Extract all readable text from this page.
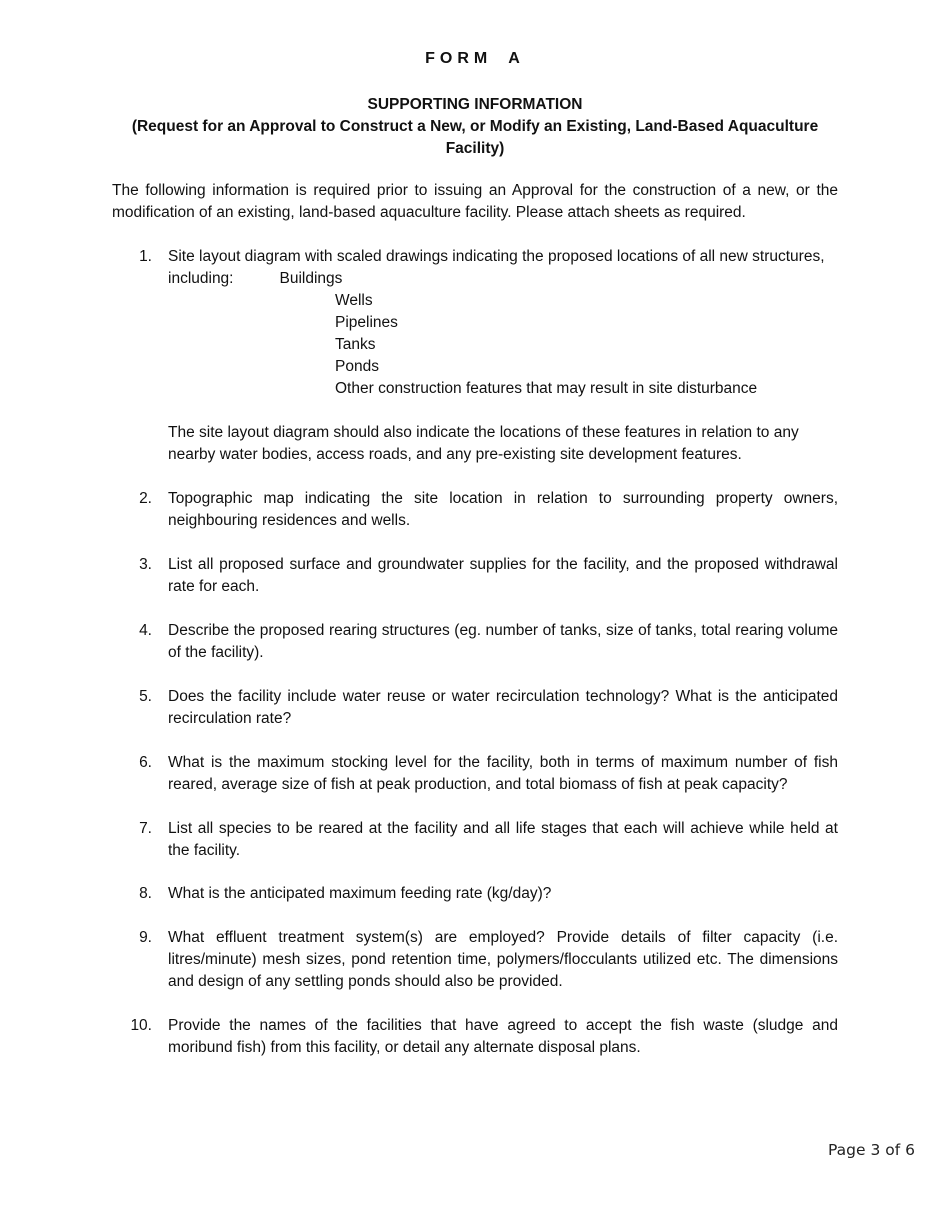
FORM A
SUPPORTING INFORMATION
(Request for an Approval to Construct a New, or Modify an Existing, Land-Based Aquaculture Facility)
The following information is required prior to issuing an Approval for the construction of a new, or the modification of an existing, land-based aquaculture facility. Please attach sheets as required.
1. Site layout diagram with scaled drawings indicating the proposed locations of all new structures,
including:	Buildings
Wells
Pipelines
Tanks
Ponds
Other construction features that may result in site disturbance
The site layout diagram should also indicate the locations of these features in relation to any nearby water bodies, access roads, and any pre-existing site development features.
2. Topographic map indicating the site location in relation to surrounding property owners, neighbouring residences and wells.
3. List all proposed surface and groundwater supplies for the facility, and the proposed withdrawal rate for each.
4. Describe the proposed rearing structures (eg. number of tanks, size of tanks, total rearing volume of the facility).
5. Does the facility include water reuse or water recirculation technology? What is the anticipated recirculation rate?
6. What is the maximum stocking level for the facility, both in terms of maximum number of fish reared, average size of fish at peak production, and total biomass of fish at peak capacity?
7. List all species to be reared at the facility and all life stages that each will achieve while held at the facility.
8. What is the anticipated maximum feeding rate (kg/day)?
9. What effluent treatment system(s) are employed? Provide details of filter capacity (i.e. litres/minute) mesh sizes, pond retention time, polymers/flocculants utilized etc. The dimensions and design of any settling ponds should also be provided.
10. Provide the names of the facilities that have agreed to accept the fish waste (sludge and moribund fish) from this facility, or detail any alternate disposal plans.
Page 3 of 6
